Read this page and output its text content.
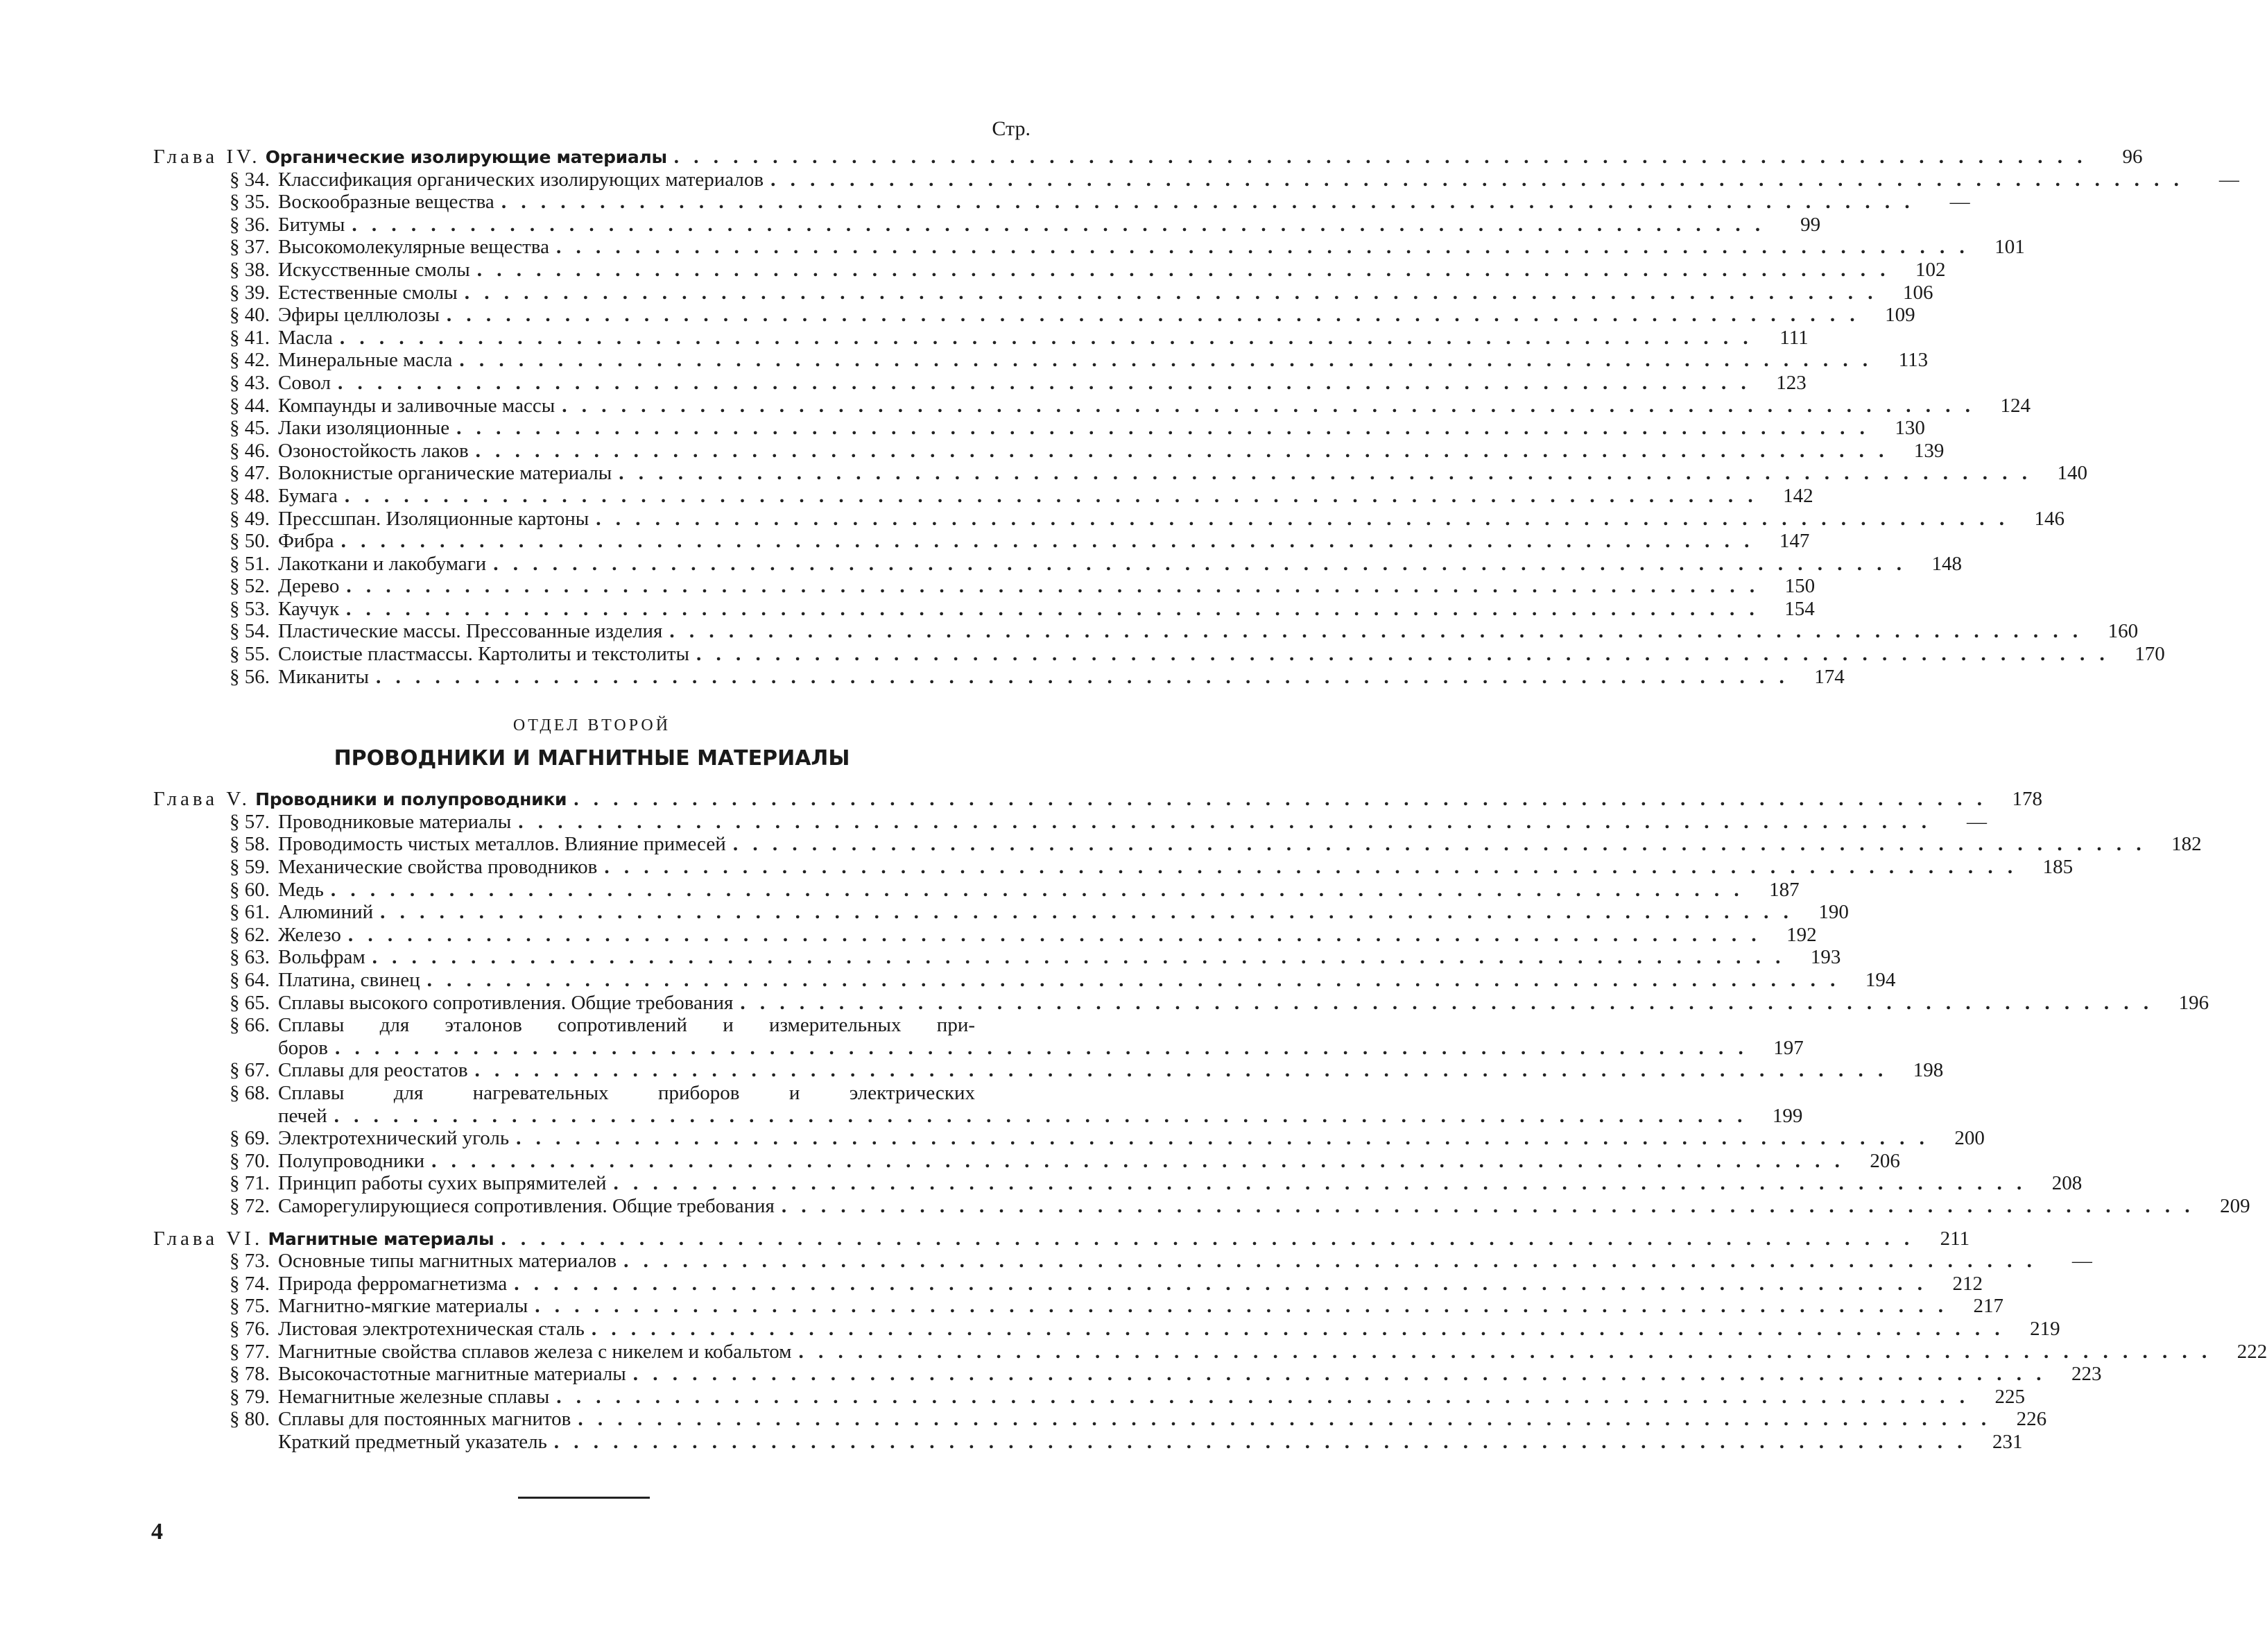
Стр.
Глава IV.
Органические изолирующие материалы . . .	96
§ 34. Классификация органических изолирующих материалов . . .	—
§ 35. Воскообразные вещества . . .	—
§ 36. Битумы . . .	99
§ 37. Высокомолекулярные вещества . . .	101
§ 38. Искусственные смолы . . .	102
§ 39. Естественные смолы . . .	106
§ 40. Эфиры целлюлозы . . .	109
§ 41. Масла . . .	111
§ 42. Минеральные масла . . .	113
§ 43. Совол . . .	123
§ 44. Компаунды и заливочные массы . . .	124
§ 45. Лаки изоляционные . . .	130
§ 46. Озоностойкость лаков . . .	139
§ 47. Волокнистые органические материалы . . .	140
§ 48. Бумага . . .	142
§ 49. Прессшпан. Изоляционные картоны . . .	146
§ 50. Фибра . . .	147
§ 51. Лакоткани и лакобумаги . . .	148
§ 52. Дерево . . .	150
§ 53. Каучук . . .	154
§ 54. Пластические массы. Прессованные изделия . . .	160
§ 55. Слоистые пластмассы. Картолиты и текстолиты . . .	170
§ 56. Миканиты . . .	174
ОТДЕЛ ВТОРОЙ
ПРОВОДНИКИ И МАГНИТНЫЕ МАТЕРИАЛЫ
Глава V.
Проводники и полупроводники . . .	178
§ 57. Проводниковые материалы . . .	—
§ 58. Проводимость чистых металлов. Влияние примесей . . .	182
§ 59. Механические свойства проводников . . .	185
§ 60. Медь . . .	187
§ 61. Алюминий . . .	190
§ 62. Железо . . .	192
§ 63. Вольфрам . . .	193
§ 64. Платина, свинец . . .	194
§ 65. Сплавы высокого сопротивления. Общие требования . . .	196
§ 66. Сплавы для эталонов сопротивлений и измерительных при-
боров . . .	197
§ 67. Сплавы для реостатов . . .	198
§ 68. Сплавы для нагревательных приборов и электрических
печей . . .	199
§ 69. Электротехнический уголь . . .	200
§ 70. Полупроводники . . .	206
§ 71. Принцип работы сухих выпрямителей . . .	208
§ 72. Саморегулирующиеся сопротивления. Общие требования . . .	209
Глава VI.
Магнитные материалы . . .	211
§ 73. Основные типы магнитных материалов . . .	—
§ 74. Природа ферромагнетизма . . .	212
§ 75. Магнитно-мягкие материалы . . .	217
§ 76. Листовая электротехническая сталь . . .	219
§ 77. Магнитные свойства сплавов железа с никелем и кобальтом . . .	222
§ 78. Высокочастотные магнитные материалы . . .	223
§ 79. Немагнитные железные сплавы . . .	225
§ 80. Сплавы для постоянных магнитов . . .	226
Краткий предметный указатель . . .	231
4
